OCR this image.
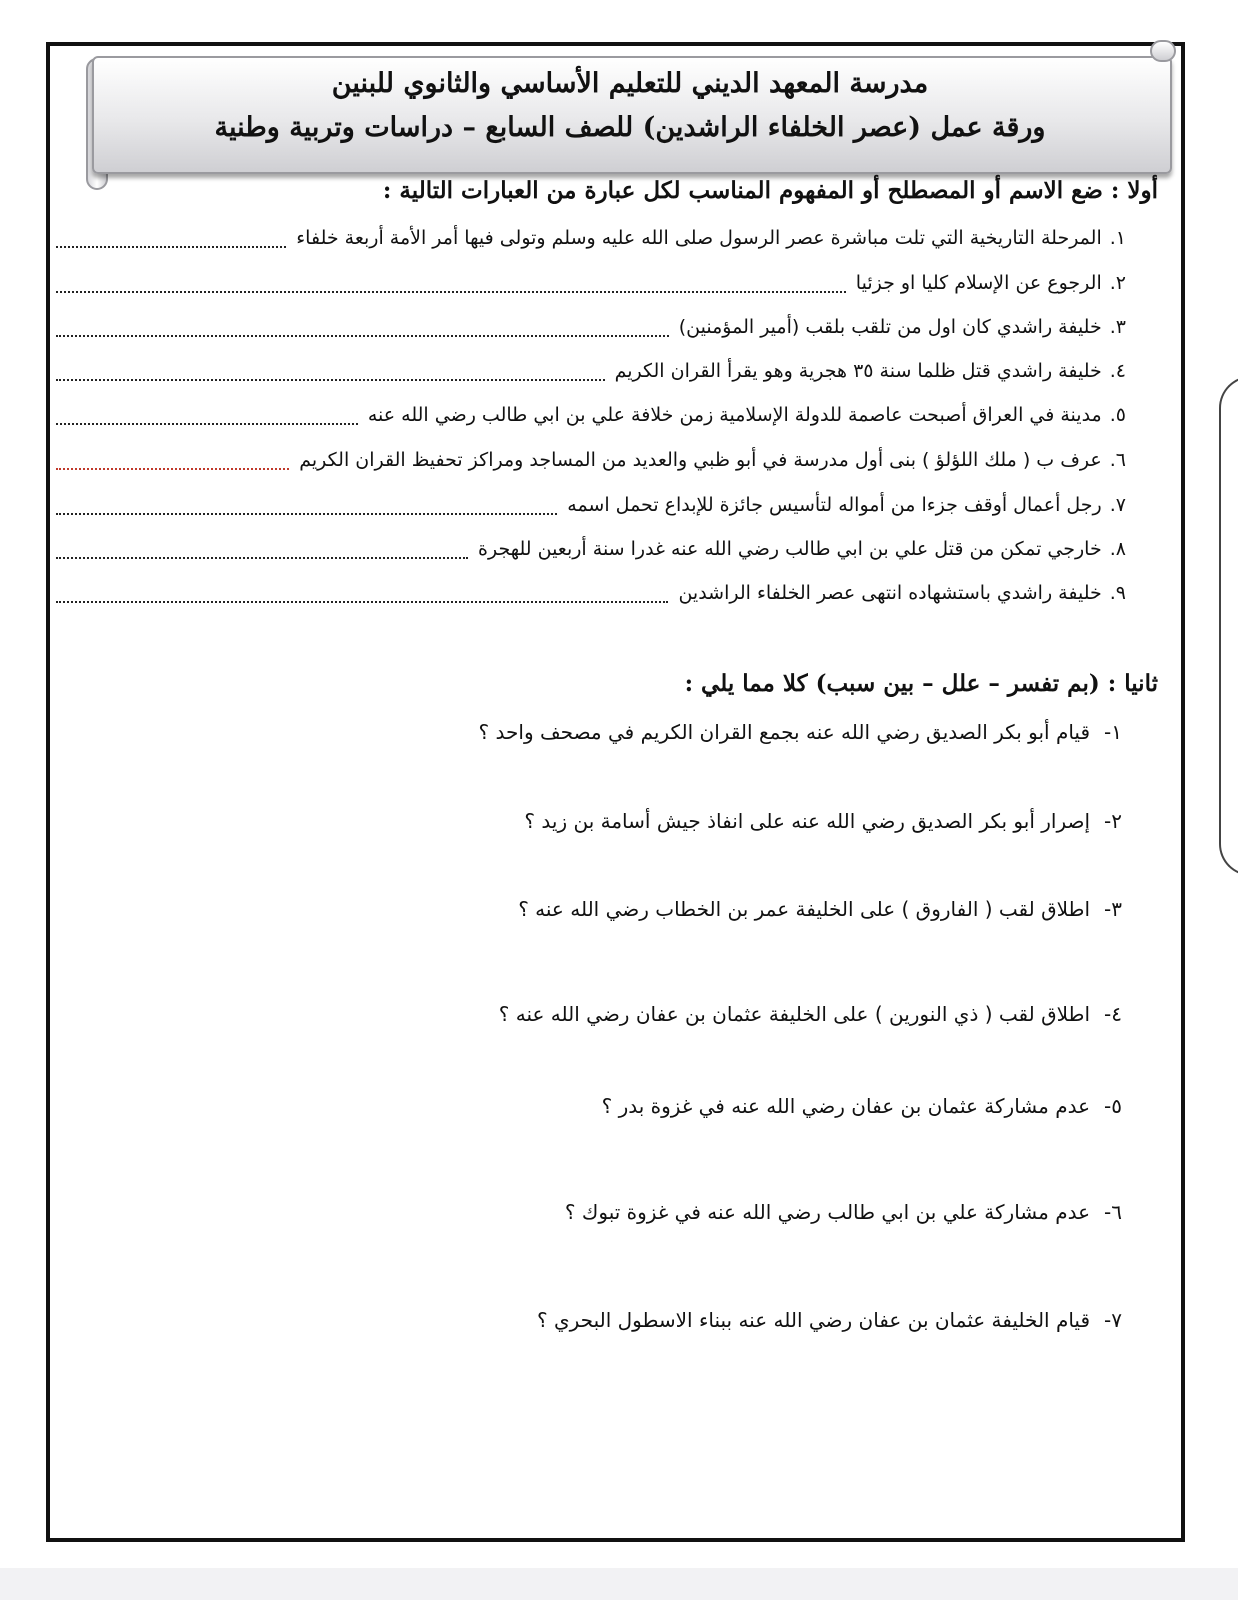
مدرسة المعهد الديني للتعليم الأساسي والثانوي للبنين
ورقة عمل (عصر الخلفاء الراشدين) للصف السابع – دراسات وتربية وطنية
أولا : ضع الاسم أو المصطلح أو المفهوم المناسب لكل عبارة من العبارات التالية :
١.
المرحلة التاريخية التي تلت مباشرة عصر الرسول صلى الله عليه وسلم وتولى فيها أمر الأمة أربعة خلفاء
٢.
الرجوع عن الإسلام كليا او جزئيا
٣.
خليفة راشدي كان اول من تلقب بلقب (أمير المؤمنين)
٤.
خليفة راشدي قتل ظلما سنة ٣٥ هجرية وهو يقرأ القران الكريم
٥.
مدينة في العراق أصبحت عاصمة للدولة الإسلامية زمن خلافة علي بن ابي طالب رضي الله عنه
٦.
عرف ب ( ملك اللؤلؤ ) بنى أول مدرسة في أبو ظبي والعديد من المساجد ومراكز تحفيظ القران الكريم
٧.
رجل أعمال أوقف جزءا من أمواله لتأسيس جائزة للإبداع تحمل اسمه
٨.
خارجي تمكن من قتل علي بن ابي طالب رضي الله عنه غدرا سنة أربعين للهجرة
٩.
خليفة راشدي باستشهاده انتهى عصر الخلفاء الراشدين
ثانيا : (بم تفسر – علل – بين سبب) كلا مما يلي :
١-قيام أبو بكر الصديق رضي الله عنه بجمع القران الكريم في مصحف واحد ؟
٢-إصرار أبو بكر الصديق رضي الله عنه على انفاذ جيش أسامة بن زيد ؟
٣-اطلاق لقب ( الفاروق ) على الخليفة عمر بن الخطاب رضي الله عنه ؟
٤-اطلاق لقب ( ذي النورين ) على الخليفة عثمان بن عفان رضي الله عنه ؟
٥-عدم مشاركة عثمان بن عفان رضي الله عنه في غزوة بدر ؟
٦-عدم مشاركة علي بن ابي طالب رضي الله عنه في غزوة تبوك ؟
٧-قيام الخليفة عثمان بن عفان رضي الله عنه ببناء الاسطول البحري ؟
